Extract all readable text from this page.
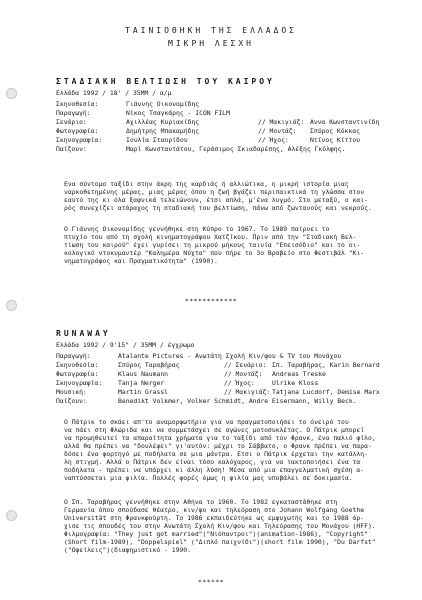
ΤΑΙΝΙΟΘΗΚΗ ΤΗΣ ΕΛΛΑΔΟΣ
ΜΙΚΡΗ ΛΕΣΧΗ
ΣΤΑΔΙΑΚΗ ΒΕΛΤΙΩΣΗ ΤΟΥ ΚΑΙΡΟΥ
Ελλάδα 1992 / 18' / 35MM / α/μ
Σκηνοθεσία:	Γιάννης Οικονομίδης
Παραγωγή:	Νίκος Τσαγκάρης - ICON FILM
Σενάριο:	Αχιλλέας Κυριακίδης	// Μακιγιάζ: Αννα Κωνσταντινίδη
Φωτογραφία:	Δημήτρης Μπακαμήδης	// Μοντάζ: Σπύρος Κόκκας
Σκηνογραφία:	Ιουλία Σταυρίδου	// Ήχος:	Ντίνος Κίττου
Παίζουν:	Μαρί Κωνσταντάτου, Γεράσιμος Σκιαδαρέσης, Αλέξης Γκόλφης.
Ενα σύντομο ταξίδι στην άκρη της καρδιάς ή αλλιώτικα, η μικρή ιστορία μιας
ναρκοθετημένης μέρας, μιας μέρας όπου η ζωή βγάζει περιπαικτικά τη γλώσσα στον
εαυτό της κι όλα ξαφνικά τελειώνουν, έτσι απλά, μ'ένα λυγμό. Στο μεταξύ, ο και-
ρός συνεχίζει ατάραχος τη σταδιακή του βελτίωση, πάνω από ζωντανούς και νεκρούς.
Ο Γιάννης Οικονομίδης γεννήθηκε στη Κύπρο το 1967. Το 1989 παίρνει το
πτυχίο του από τη σχολή κινηματογράφου Χατζίκου. Πριν από την "Σταδιακή Βελ-
τίωση του καιρού" έχει γυρίσει τη μικρού μήκους ταινία "Επεισόδιο" και το οι-
κολογικό ντοκυμαντέρ "Καλημέρα Νύχτα" που πήρε το 3ο Βραβείο στο Φεστιβάλ "Κι-
νηματογράφος και Πραγματικότητα" (1990).
************
RUNAWAY
Ελλάδα 1992 / 9'15" / 35MM / έγχρωμο
Παραγωγή:	Atalante Pictures - Ανωτάτη Σχολή Κιν/φου & TV του Μονάχου
Σκηνοθεσία:	Σπύρος Ταραβήρας	// Σενάριο: Σπ. Ταραβήρας, Karin Bernard
Φωτογραφία:	Klaus Naumann	// Μοντάζ: Andreas Treske
Σκηνογραφία: Tanja Nerger	// Ήχος:	Ulrike Kloss
Μουσική:	Martin Grassl	// Μακιγιάζ: Tatjana Lucdorf, Demise Marx
Παίζουν:	Benedikt Volkmer, Volker Schmidt, Andre Eisermann, Willy Beck.
Ο Πάτρικ το σκάει απ'το αναμορφωτήριο για να πραγματοποιήσει το όνειρό του
να πάει στη Φλώριδα και να συμμετάσχει σε αγώνες μοτοσυκλέτας. Ο Πάτρικ μπορεί
να προμηθευτεί τα απαραίτητα χρήματα για το ταξίδι από τον Φρανκ, ένα παλιό φίλο,
αλλά θα πρέπει να "δουλέψει" γι'αυτόν: μέχρι το Σάββατο, ο Φρανκ πρέπει να παρα-
δόσει ένα φορτηγό με ποδήλατα σε μια μάντρα. Ετσι ο Πάτρικ έρχεται την κατάλλη-
λη στιγμή. Αλλά ο Πάτρικ δεν είναι τόσο καλόχαρος, για να τακτοποιήσει ένα τα
ποδήλατα - πρέπει να υπάρχει κι άλλη λύση! Μέσα από μια επαγγελματική σχέση α-
ναπτύσσεται μια φιλία. Πολλές φορές όμως η φιλία μας υποβάλει σε δοκιμασία.
Ο Σπ. Ταραβήρας γεννήθηκε στην Αθήνα το 1960. Το 1982 εγκαταστάθηκε στη
Γερμανία όπου σπούδασε θέατρο, κιν/φο και τηλεόραση στο Johann Wolfgang Goethe
Universität στη Φρανκφούρτη. Το 1986 εκπαιδεύτηκε ως εμψυχωτής και το 1988 άρ-
χισε τις σπουδές του στην Ανωτάτη Σχολή Κιν/φου και Τηλεόρασης του Μονάχου (HFF).
Φιλμογραφία: "They just got married"("Νιόπαντροι")(animation-1986), "Copyright"
(Short film-1989), "Doppelspiel" ("Διπλό παιχνίδι")(short film 1990), "Du Darfst"
("Οφείλεις")(διαφημιστικό - 1990.
******
